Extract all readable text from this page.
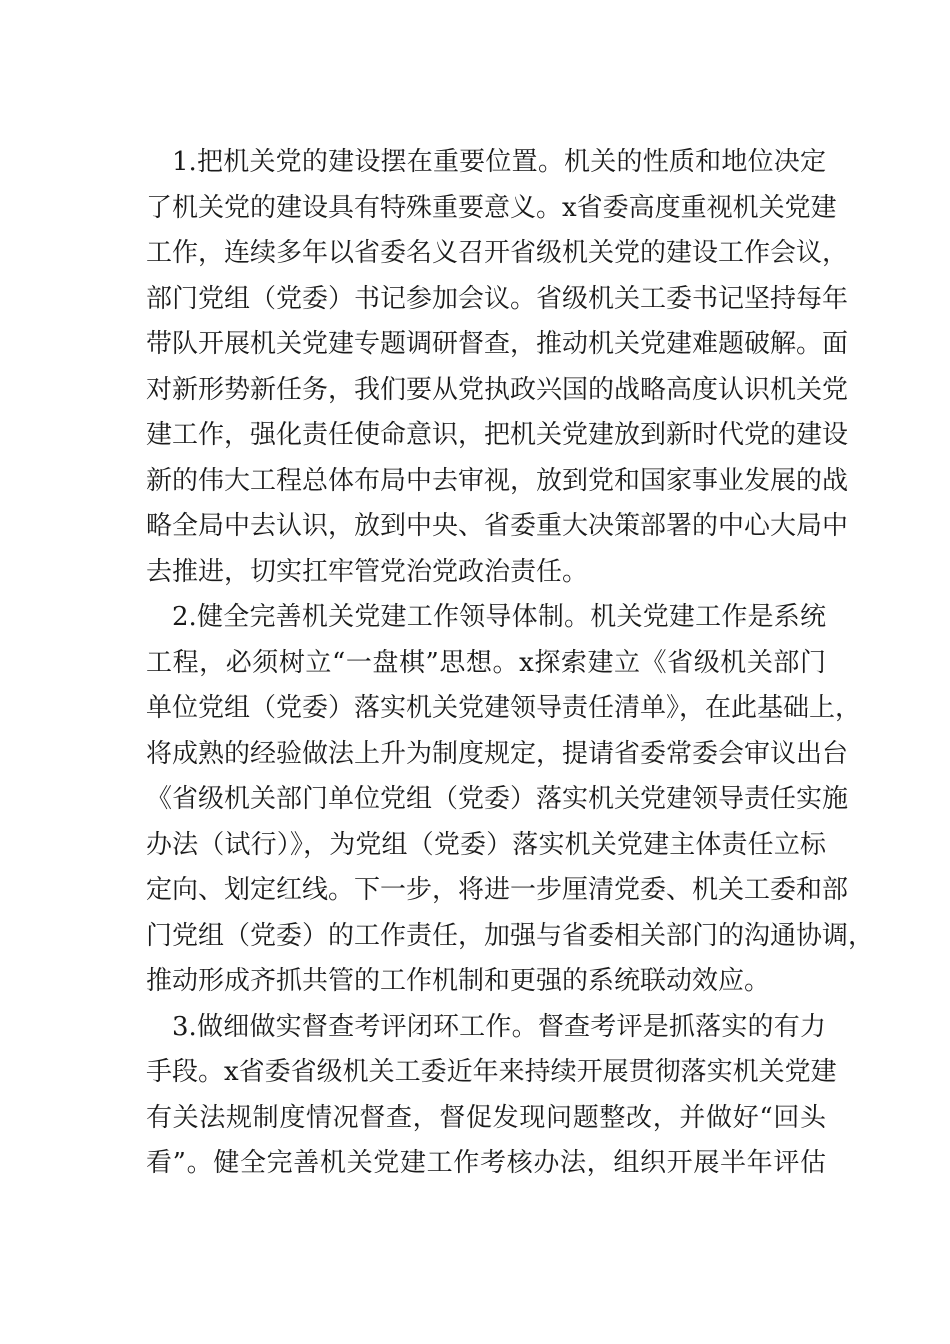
1.把机关党的建设摆在重要位置。机关的性质和地位决定
了机关党的建设具有特殊重要意义。x省委高度重视机关党建
工作，连续多年以省委名义召开省级机关党的建设工作会议，
部门党组（党委）书记参加会议。省级机关工委书记坚持每年
带队开展机关党建专题调研督查，推动机关党建难题破解。面
对新形势新任务，我们要从党执政兴国的战略高度认识机关党
建工作，强化责任使命意识，把机关党建放到新时代党的建设
新的伟大工程总体布局中去审视，放到党和国家事业发展的战
略全局中去认识，放到中央、省委重大决策部署的中心大局中
去推进，切实扛牢管党治党政治责任。
2.健全完善机关党建工作领导体制。机关党建工作是系统
工程，必须树立“一盘棋”思想。x探索建立《省级机关部门
单位党组（党委）落实机关党建领导责任清单》，在此基础上，
将成熟的经验做法上升为制度规定，提请省委常委会审议出台
《省级机关部门单位党组（党委）落实机关党建领导责任实施
办法（试行）》，为党组（党委）落实机关党建主体责任立标
定向、划定红线。下一步，将进一步厘清党委、机关工委和部
门党组（党委）的工作责任，加强与省委相关部门的沟通协调，
推动形成齐抓共管的工作机制和更强的系统联动效应。
3.做细做实督查考评闭环工作。督查考评是抓落实的有力
手段。x省委省级机关工委近年来持续开展贯彻落实机关党建
有关法规制度情况督查，督促发现问题整改，并做好“回头
看”。健全完善机关党建工作考核办法，组织开展半年评估
